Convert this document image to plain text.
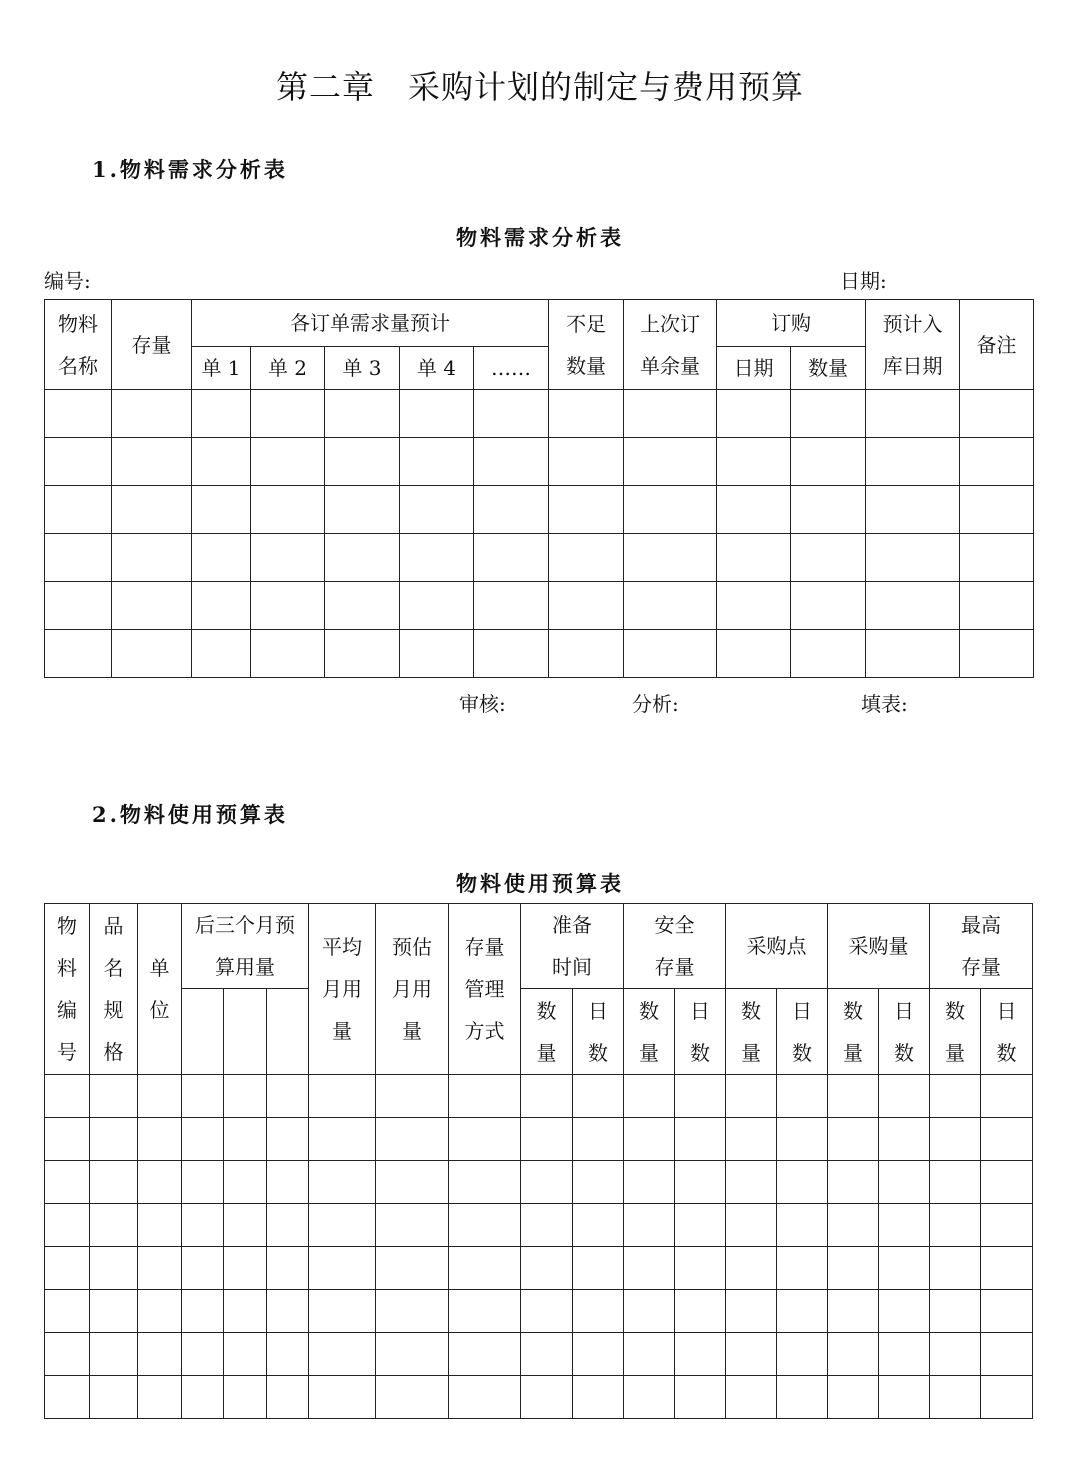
第二章　采购计划的制定与费用预算
1.物料需求分析表
物料需求分析表
编号:	日期:
物料名称	存量	各订单需求量预计					不足数量	上次订单余量	订购		预计入库日期	备注
		单 1	单 2	单 3	单 4	……			日期	数量		

审核:	分析:	填表:
2.物料使用预算表
物料使用预算表
物料编号	品名规格	单位	后三个月预算用量			平均月用量	预估月用量	存量管理方式	准备时间		安全存量		采购点		采购量		最高存量	
									数量	日数	数量	日数	数量	日数	数量	日数	数量	日数
